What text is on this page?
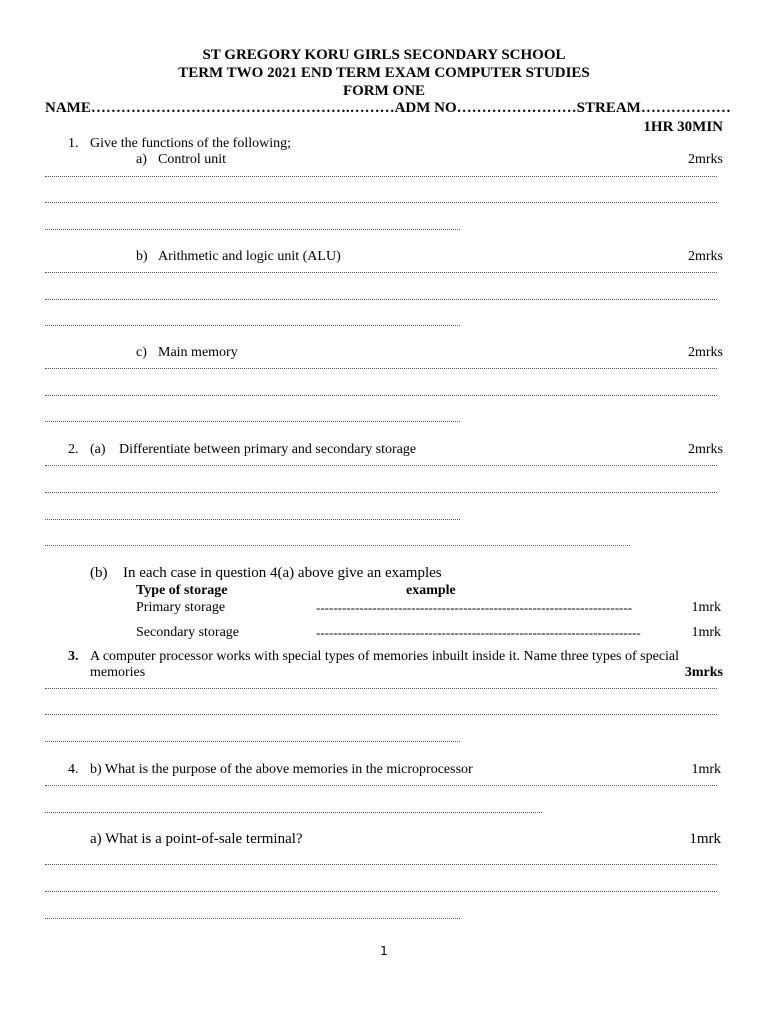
ST GREGORY KORU GIRLS SECONDARY SCHOOL
TERM TWO 2021 END TERM EXAM COMPUTER STUDIES
FORM ONE
NAME…………………………………………….………ADM NO……………………STREAM………………
1HR 30MIN
1. Give the functions of the following;
a) Control unit	2mrks
b) Arithmetic and logic unit (ALU)	2mrks
c) Main memory	2mrks
2. (a) Differentiate between primary and secondary storage	2mrks
(b) In each case in question 4(a) above give an examples
Type of storage	example
Primary storage	-------------------------------------------------------------------------	1mrk
Secondary storage	---------------------------------------------------------------------------	1mrk
3. A computer processor works with special types of memories inbuilt inside it. Name three types of special
memories	3mrks
4. b) What is the purpose of the above memories in the microprocessor	1mrk
a) What is a point-of-sale terminal?	1mrk
1
